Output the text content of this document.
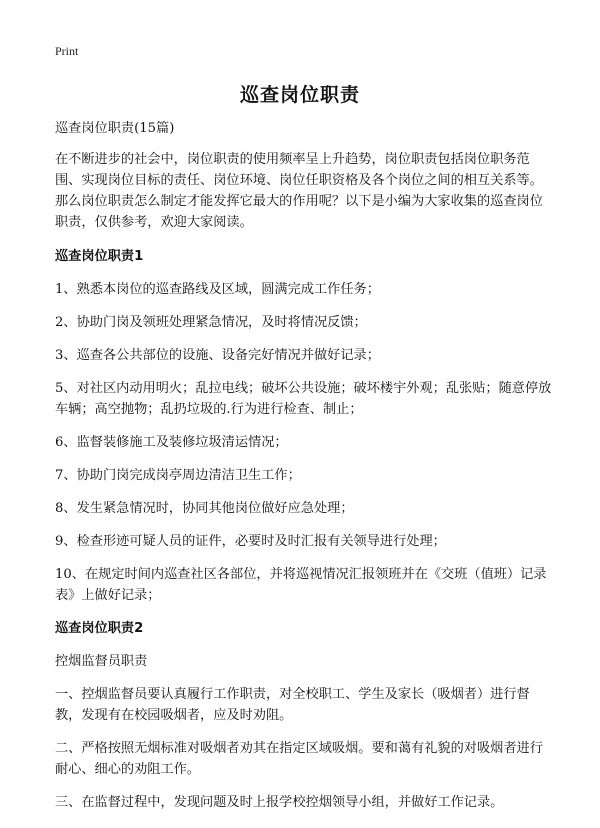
Print
巡查岗位职责

巡查岗位职责(15篇)

在不断进步的社会中，岗位职责的使用频率呈上升趋势，岗位职责包括岗位职务范围、实现岗位目标的责任、岗位环境、岗位任职资格及各个岗位之间的相互关系等。那么岗位职责怎么制定才能发挥它最大的作用呢？以下是小编为大家收集的巡查岗位职责，仅供参考，欢迎大家阅读。

巡查岗位职责1

1、熟悉本岗位的巡查路线及区域，圆满完成工作任务；

2、协助门岗及领班处理紧急情况，及时将情况反馈；

3、巡查各公共部位的设施、设备完好情况并做好记录；

5、对社区内动用明火；乱拉电线；破坏公共设施；破坏楼宇外观；乱张贴；随意停放车辆；高空抛物；乱扔垃圾的.行为进行检查、制止；

6、监督装修施工及装修垃圾清运情况；

7、协助门岗完成岗亭周边清洁卫生工作；

8、发生紧急情况时，协同其他岗位做好应急处理；

9、检查形迹可疑人员的证件，必要时及时汇报有关领导进行处理；

10、在规定时间内巡查社区各部位，并将巡视情况汇报领班并在《交班（值班）记录表》上做好记录；

巡查岗位职责2

控烟监督员职责

一、控烟监督员要认真履行工作职责，对全校职工、学生及家长（吸烟者）进行督教，发现有在校园吸烟者，应及时劝阻。

二、严格按照无烟标准对吸烟者劝其在指定区域吸烟。要和蔼有礼貌的对吸烟者进行耐心、细心的劝阻工作。

三、在监督过程中，发现问题及时上报学校控烟领导小组，并做好工作记录。
